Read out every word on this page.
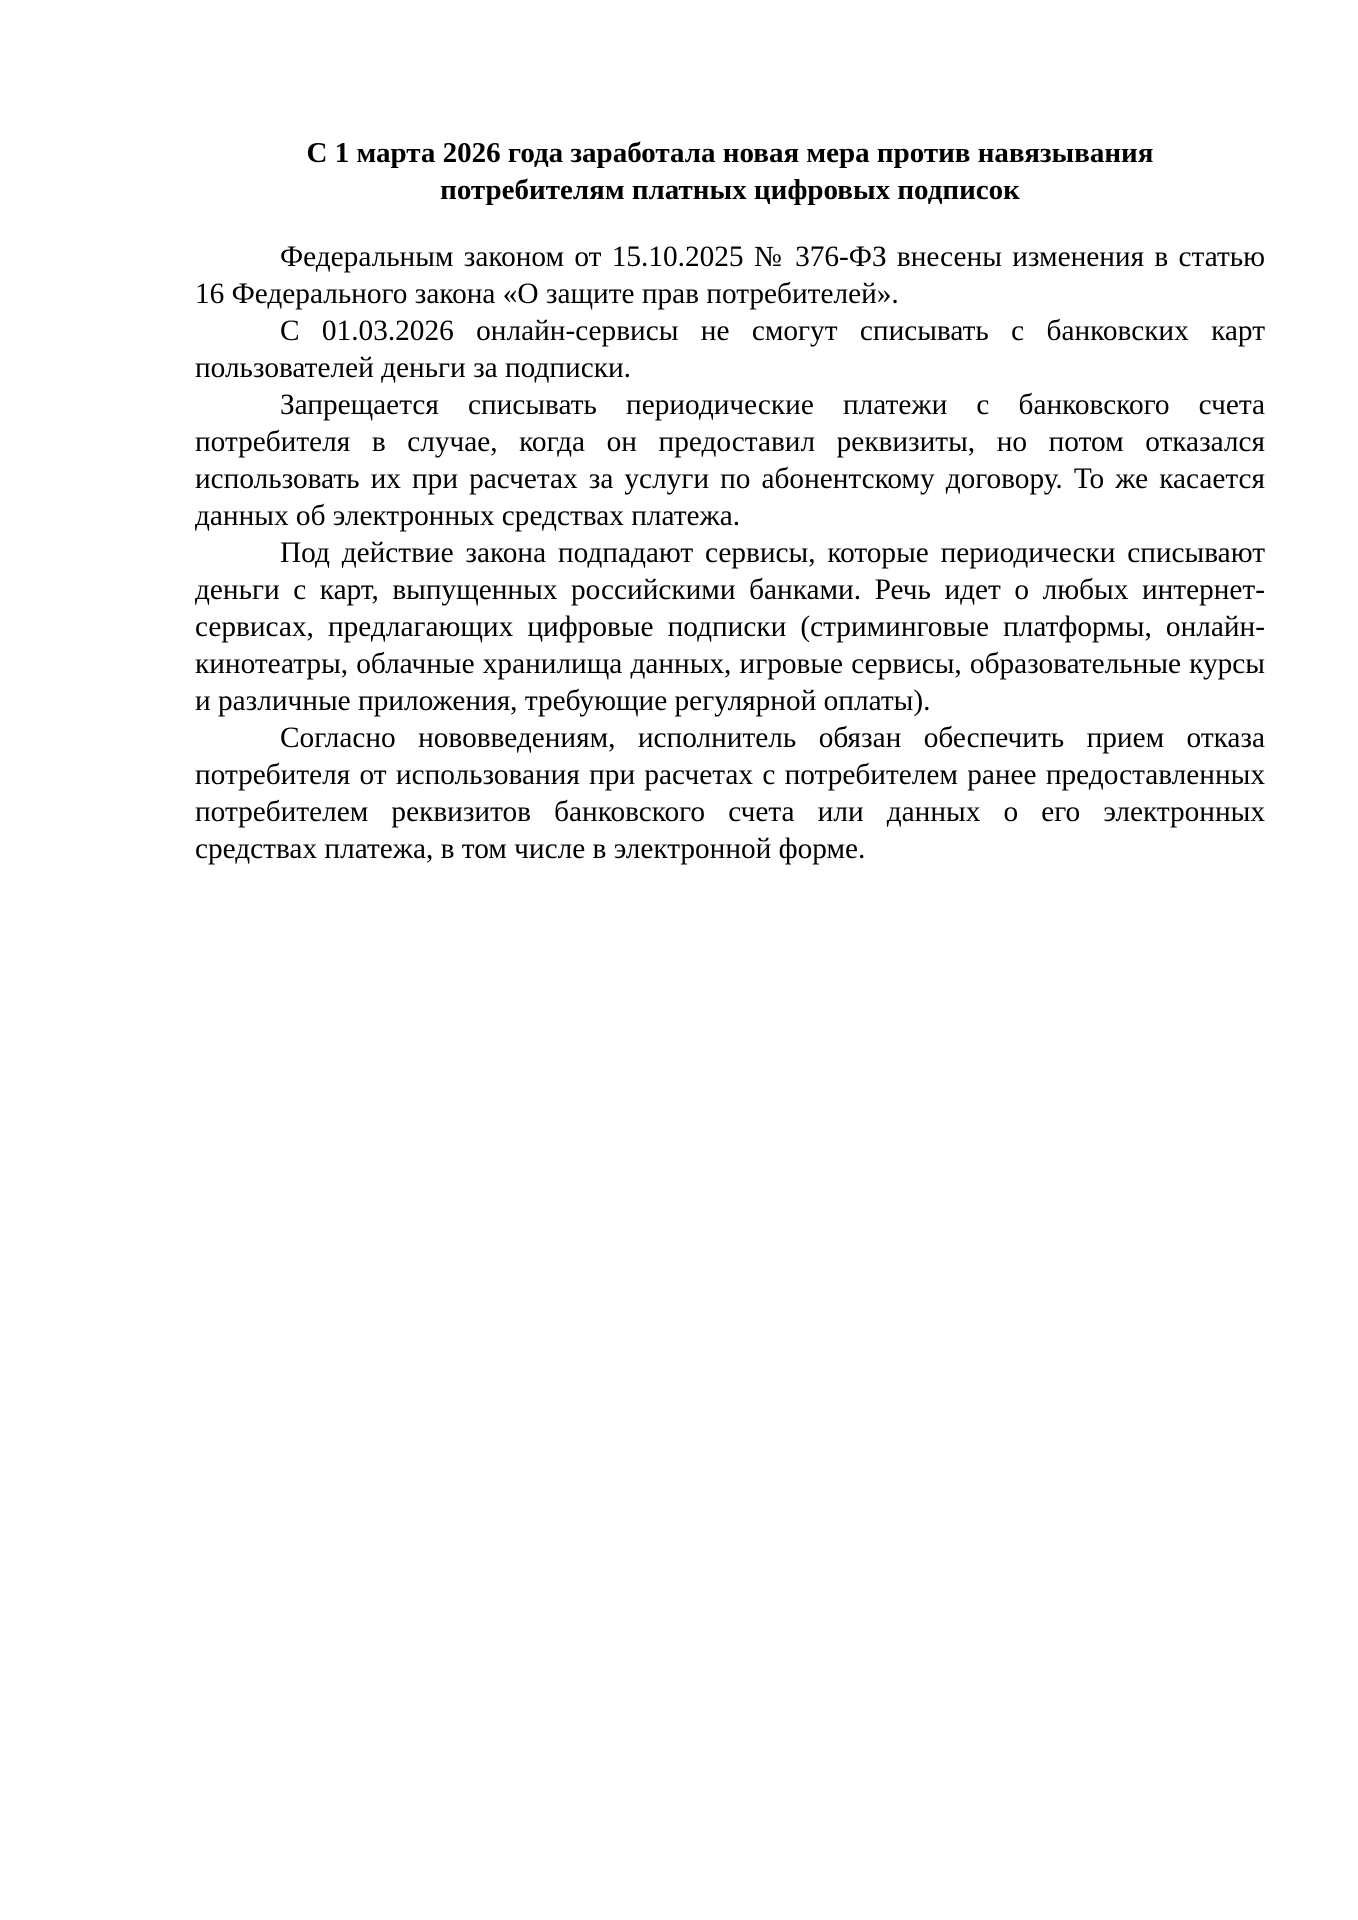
С 1 марта 2026 года заработала новая мера против навязывания
потребителям платных цифровых подписок

Федеральным законом от 15.10.2025 № 376-ФЗ внесены изменения в статью 16 Федерального закона «О защите прав потребителей».

С 01.03.2026 онлайн-сервисы не смогут списывать с банковских карт пользователей деньги за подписки.

Запрещается списывать периодические платежи с банковского счета потребителя в случае, когда он предоставил реквизиты, но потом отказался использовать их при расчетах за услуги по абонентскому договору. То же касается данных об электронных средствах платежа.

Под действие закона подпадают сервисы, которые периодически списывают деньги с карт, выпущенных российскими банками. Речь идет о любых интернет-сервисах, предлагающих цифровые подписки (стриминговые платформы, онлайн-кинотеатры, облачные хранилища данных, игровые сервисы, образовательные курсы и различные приложения, требующие регулярной оплаты).

Согласно нововведениям, исполнитель обязан обеспечить прием отказа потребителя от использования при расчетах с потребителем ранее предоставленных потребителем реквизитов банковского счета или данных о его электронных средствах платежа, в том числе в электронной форме.
